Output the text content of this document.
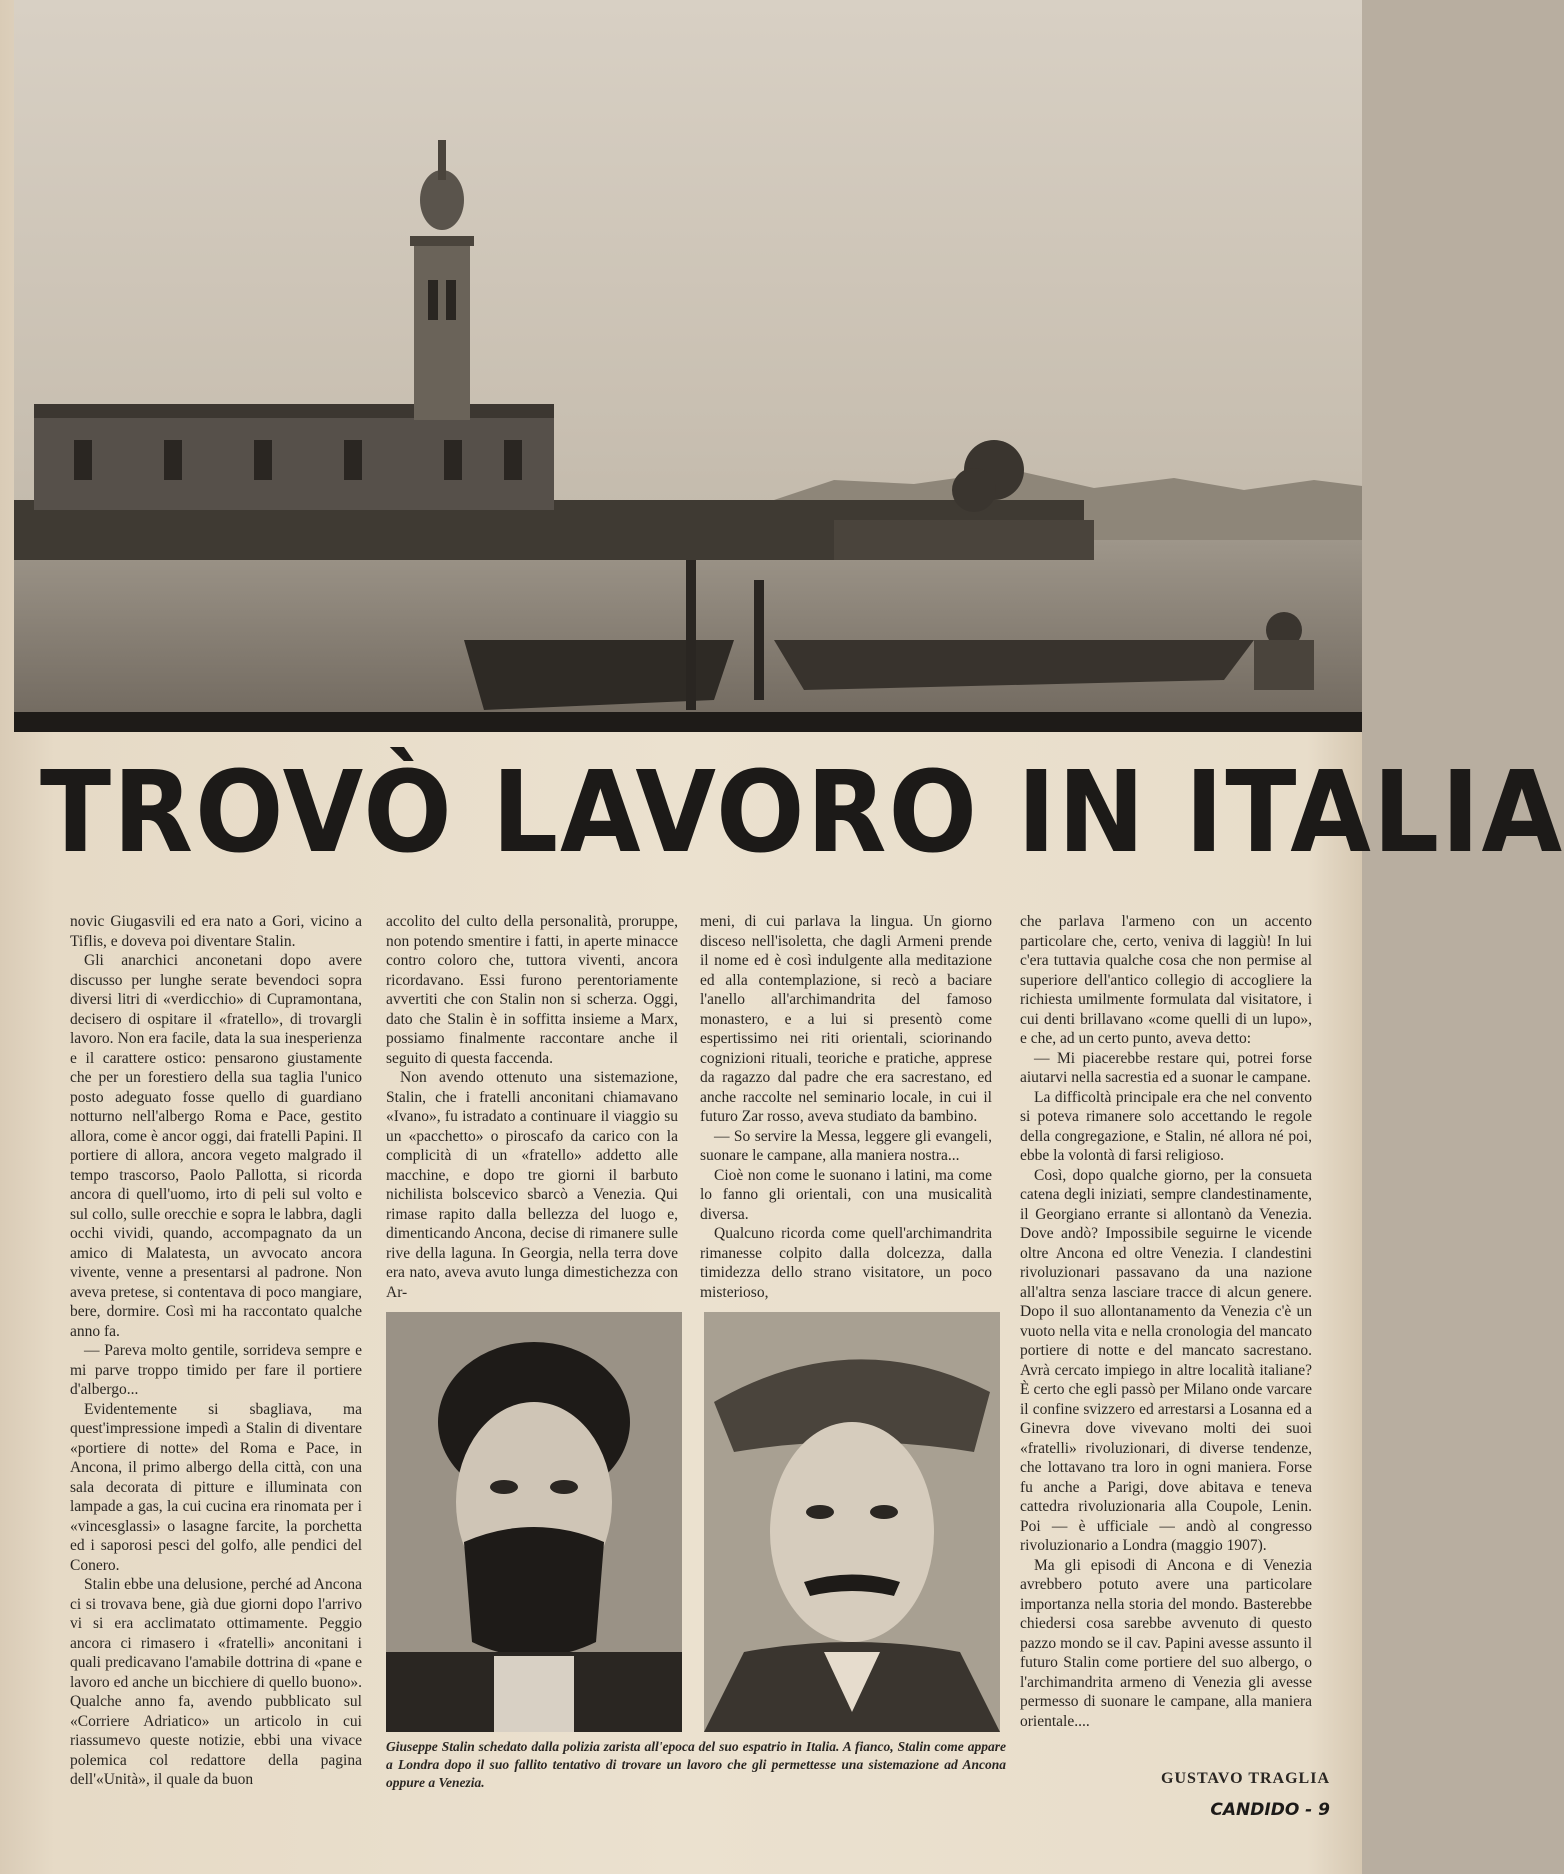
TROVÒ LAVORO IN ITALIA

novic Giugasvili ed era nato a Gori, vicino a Tiflis, e doveva poi diventare Stalin.

Gli anarchici anconetani dopo avere discusso per lunghe serate bevendoci sopra diversi litri di «verdicchio» di Cupramontana, decisero di ospitare il «fratello», di trovargli lavoro. Non era facile, data la sua inesperienza e il carattere ostico: pensarono giustamente che per un forestiero della sua taglia l'unico posto adeguato fosse quello di guardiano notturno nell'albergo Roma e Pace, gestito allora, come è ancor oggi, dai fratelli Papini. Il portiere di allora, ancora vegeto malgrado il tempo trascorso, Paolo Pallotta, si ricorda ancora di quell'uomo, irto di peli sul volto e sul collo, sulle orecchie e sopra le labbra, dagli occhi vividi, quando, accompagnato da un amico di Malatesta, un avvocato ancora vivente, venne a presentarsi al padrone. Non aveva pretese, si contentava di poco mangiare, bere, dormire. Così mi ha raccontato qualche anno fa.

— Pareva molto gentile, sorrideva sempre e mi parve troppo timido per fare il portiere d'albergo...

Evidentemente si sbagliava, ma quest'impressione impedì a Stalin di diventare «portiere di notte» del Roma e Pace, in Ancona, il primo albergo della città, con una sala decorata di pitture e illuminata con lampade a gas, la cui cucina era rinomata per i «vincesglassi» o lasagne farcite, la porchetta ed i saporosi pesci del golfo, alle pendici del Conero.

Stalin ebbe una delusione, perché ad Ancona ci si trovava bene, già due giorni dopo l'arrivo vi si era acclimatato ottimamente. Peggio ancora ci rimasero i «fratelli» anconitani i quali predicavano l'amabile dottrina di «pane e lavoro ed anche un bicchiere di quello buono». Qualche anno fa, avendo pubblicato sul «Corriere Adriatico» un articolo in cui riassumevo queste notizie, ebbi una vivace polemica col redattore della pagina dell'«Unità», il quale da buon

accolito del culto della personalità, proruppe, non potendo smentire i fatti, in aperte minacce contro coloro che, tuttora viventi, ancora ricordavano. Essi furono perentoriamente avvertiti che con Stalin non si scherza. Oggi, dato che Stalin è in soffitta insieme a Marx, possiamo finalmente raccontare anche il seguito di questa faccenda.

Non avendo ottenuto una sistemazione, Stalin, che i fratelli anconitani chiamavano «Ivano», fu istradato a continuare il viaggio su un «pacchetto» o piroscafo da carico con la complicità di un «fratello» addetto alle macchine, e dopo tre giorni il barbuto nichilista bolscevico sbarcò a Venezia. Qui rimase rapito dalla bellezza del luogo e, dimenticando Ancona, decise di rimanere sulle rive della laguna. In Georgia, nella terra dove era nato, aveva avuto lunga dimestichezza con Ar-

meni, di cui parlava la lingua. Un giorno disceso nell'isoletta, che dagli Armeni prende il nome ed è così indulgente alla meditazione ed alla contemplazione, si recò a baciare l'anello all'archimandrita del famoso monastero, e a lui si presentò come espertissimo nei riti orientali, sciorinando cognizioni rituali, teoriche e pratiche, apprese da ragazzo dal padre che era sacrestano, ed anche raccolte nel seminario locale, in cui il futuro Zar rosso, aveva studiato da bambino.

— So servire la Messa, leggere gli evangeli, suonare le campane, alla maniera nostra...

Cioè non come le suonano i latini, ma come lo fanno gli orientali, con una musicalità diversa.

Qualcuno ricorda come quell'archimandrita rimanesse colpito dalla dolcezza, dalla timidezza dello strano visitatore, un poco misterioso,

che parlava l'armeno con un accento particolare che, certo, veniva di laggiù! In lui c'era tuttavia qualche cosa che non permise al superiore dell'antico collegio di accogliere la richiesta umilmente formulata dal visitatore, i cui denti brillavano «come quelli di un lupo», e che, ad un certo punto, aveva detto:

— Mi piacerebbe restare qui, potrei forse aiutarvi nella sacrestia ed a suonar le campane.

La difficoltà principale era che nel convento si poteva rimanere solo accettando le regole della congregazione, e Stalin, né allora né poi, ebbe la volontà di farsi religioso.

Così, dopo qualche giorno, per la consueta catena degli iniziati, sempre clandestinamente, il Georgiano errante si allontanò da Venezia. Dove andò? Impossibile seguirne le vicende oltre Ancona ed oltre Venezia. I clandestini rivoluzionari passavano da una nazione all'altra senza lasciare tracce di alcun genere. Dopo il suo allontanamento da Venezia c'è un vuoto nella vita e nella cronologia del mancato portiere di notte e del mancato sacrestano. Avrà cercato impiego in altre località italiane? È certo che egli passò per Milano onde varcare il confine svizzero ed arrestarsi a Losanna ed a Ginevra dove vivevano molti dei suoi «fratelli» rivoluzionari, di diverse tendenze, che lottavano tra loro in ogni maniera. Forse fu anche a Parigi, dove abitava e teneva cattedra rivoluzionaria alla Coupole, Lenin. Poi — è ufficiale — andò al congresso rivoluzionario a Londra (maggio 1907).

Ma gli episodi di Ancona e di Venezia avrebbero potuto avere una particolare importanza nella storia del mondo. Basterebbe chiedersi cosa sarebbe avvenuto di questo pazzo mondo se il cav. Papini avesse assunto il futuro Stalin come portiere del suo albergo, o l'archimandrita armeno di Venezia gli avesse permesso di suonare le campane, alla maniera orientale....

Giuseppe Stalin schedato dalla polizia zarista all'epoca del suo espatrio in Italia. A fianco, Stalin come appare a Londra dopo il suo fallito tentativo di trovare un lavoro che gli permettesse una sistemazione ad Ancona oppure a Venezia.	GUSTAVO TRAGLIA
CANDIDO - 9
